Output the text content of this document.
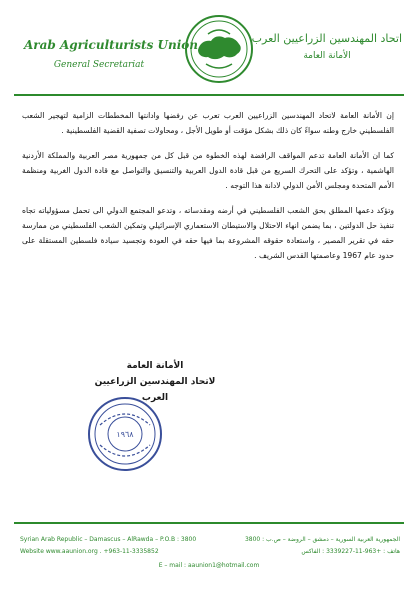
Arab Agriculturists Union
General Secretariat
اتحاد المهندسين الزراعيين العرب
الأمانة العامة

إن الأمانة العامة لاتحاد المهندسين الزراعيين العرب تعرب عن رفضها وادانتها المخططات الزامية لتهجير الشعب الفلسطيني خارج وطنه سواءً كان ذلك بشكل مؤقت أو طويل الأجل ، ومحاولات تصفية القضية الفلسطينية .

كما ان الأمانة العامة تدعم المواقف الرافضة لهذه الخطوة من قبل كل من جمهورية مصر العربية والمملكة الأردنية الهاشمية ، وتؤكد على التحرك السريع من قبل قادة الدول العربية والتنسيق والتواصل مع قادة الدول الغربية ومنظمة الأمم المتحدة ومجلس الأمن الدولي لادانة هذا التوجه .

وتؤكد دعمها المطلق بحق الشعب الفلسطيني في أرضه ومقدساته ، وتدعو المجتمع الدولي الى تحمل مسؤولياته تجاه تنفيذ حل الدولتين ، بما يضمن انهاء الاحتلال والاستيطان الاستعماري الإسرائيلي وتمكين الشعب الفلسطيني من ممارسة حقه في تقرير المصير ، واستعادة حقوقه المشروعة بما فيها حقه في العودة وتجسيد سيادة فلسطين المستقلة على حدود عام 1967 وعاصمتها القدس الشريف .

الأمانة العامة
لاتحاد المهندسين الزراعيين العرب
١٩٦٨
Syrian Arab Republic – Damascus – AlRawda – P.O.B : 3800	الجمهورية العربية السورية – دمشق – الروضة – ص.ب : 3800
Website www.aaunion.org . +963-11-3335852	هاتف : +963-11-3339227 : الفاكس
E – mail : aaunion1@hotmail.com
